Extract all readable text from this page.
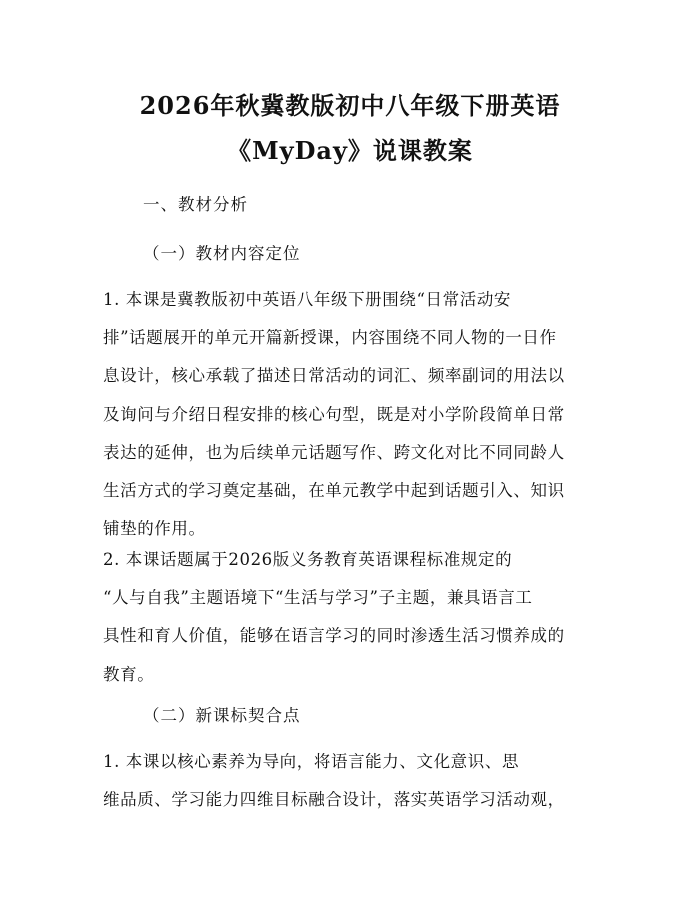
2026年秋冀教版初中八年级下册英语
《MyDay》说课教案
一、教材分析
（一）教材内容定位
1. 本课是冀教版初中英语八年级下册围绕“日常活动安
排”话题展开的单元开篇新授课，内容围绕不同人物的一日作
息设计，核心承载了描述日常活动的词汇、频率副词的用法以
及询问与介绍日程安排的核心句型，既是对小学阶段简单日常
表达的延伸，也为后续单元话题写作、跨文化对比不同同龄人
生活方式的学习奠定基础，在单元教学中起到话题引入、知识
铺垫的作用。
2. 本课话题属于2026版义务教育英语课程标准规定的
“人与自我”主题语境下“生活与学习”子主题，兼具语言工
具性和育人价值，能够在语言学习的同时渗透生活习惯养成的
教育。
（二）新课标契合点
1. 本课以核心素养为导向，将语言能力、文化意识、思
维品质、学习能力四维目标融合设计，落实英语学习活动观，
